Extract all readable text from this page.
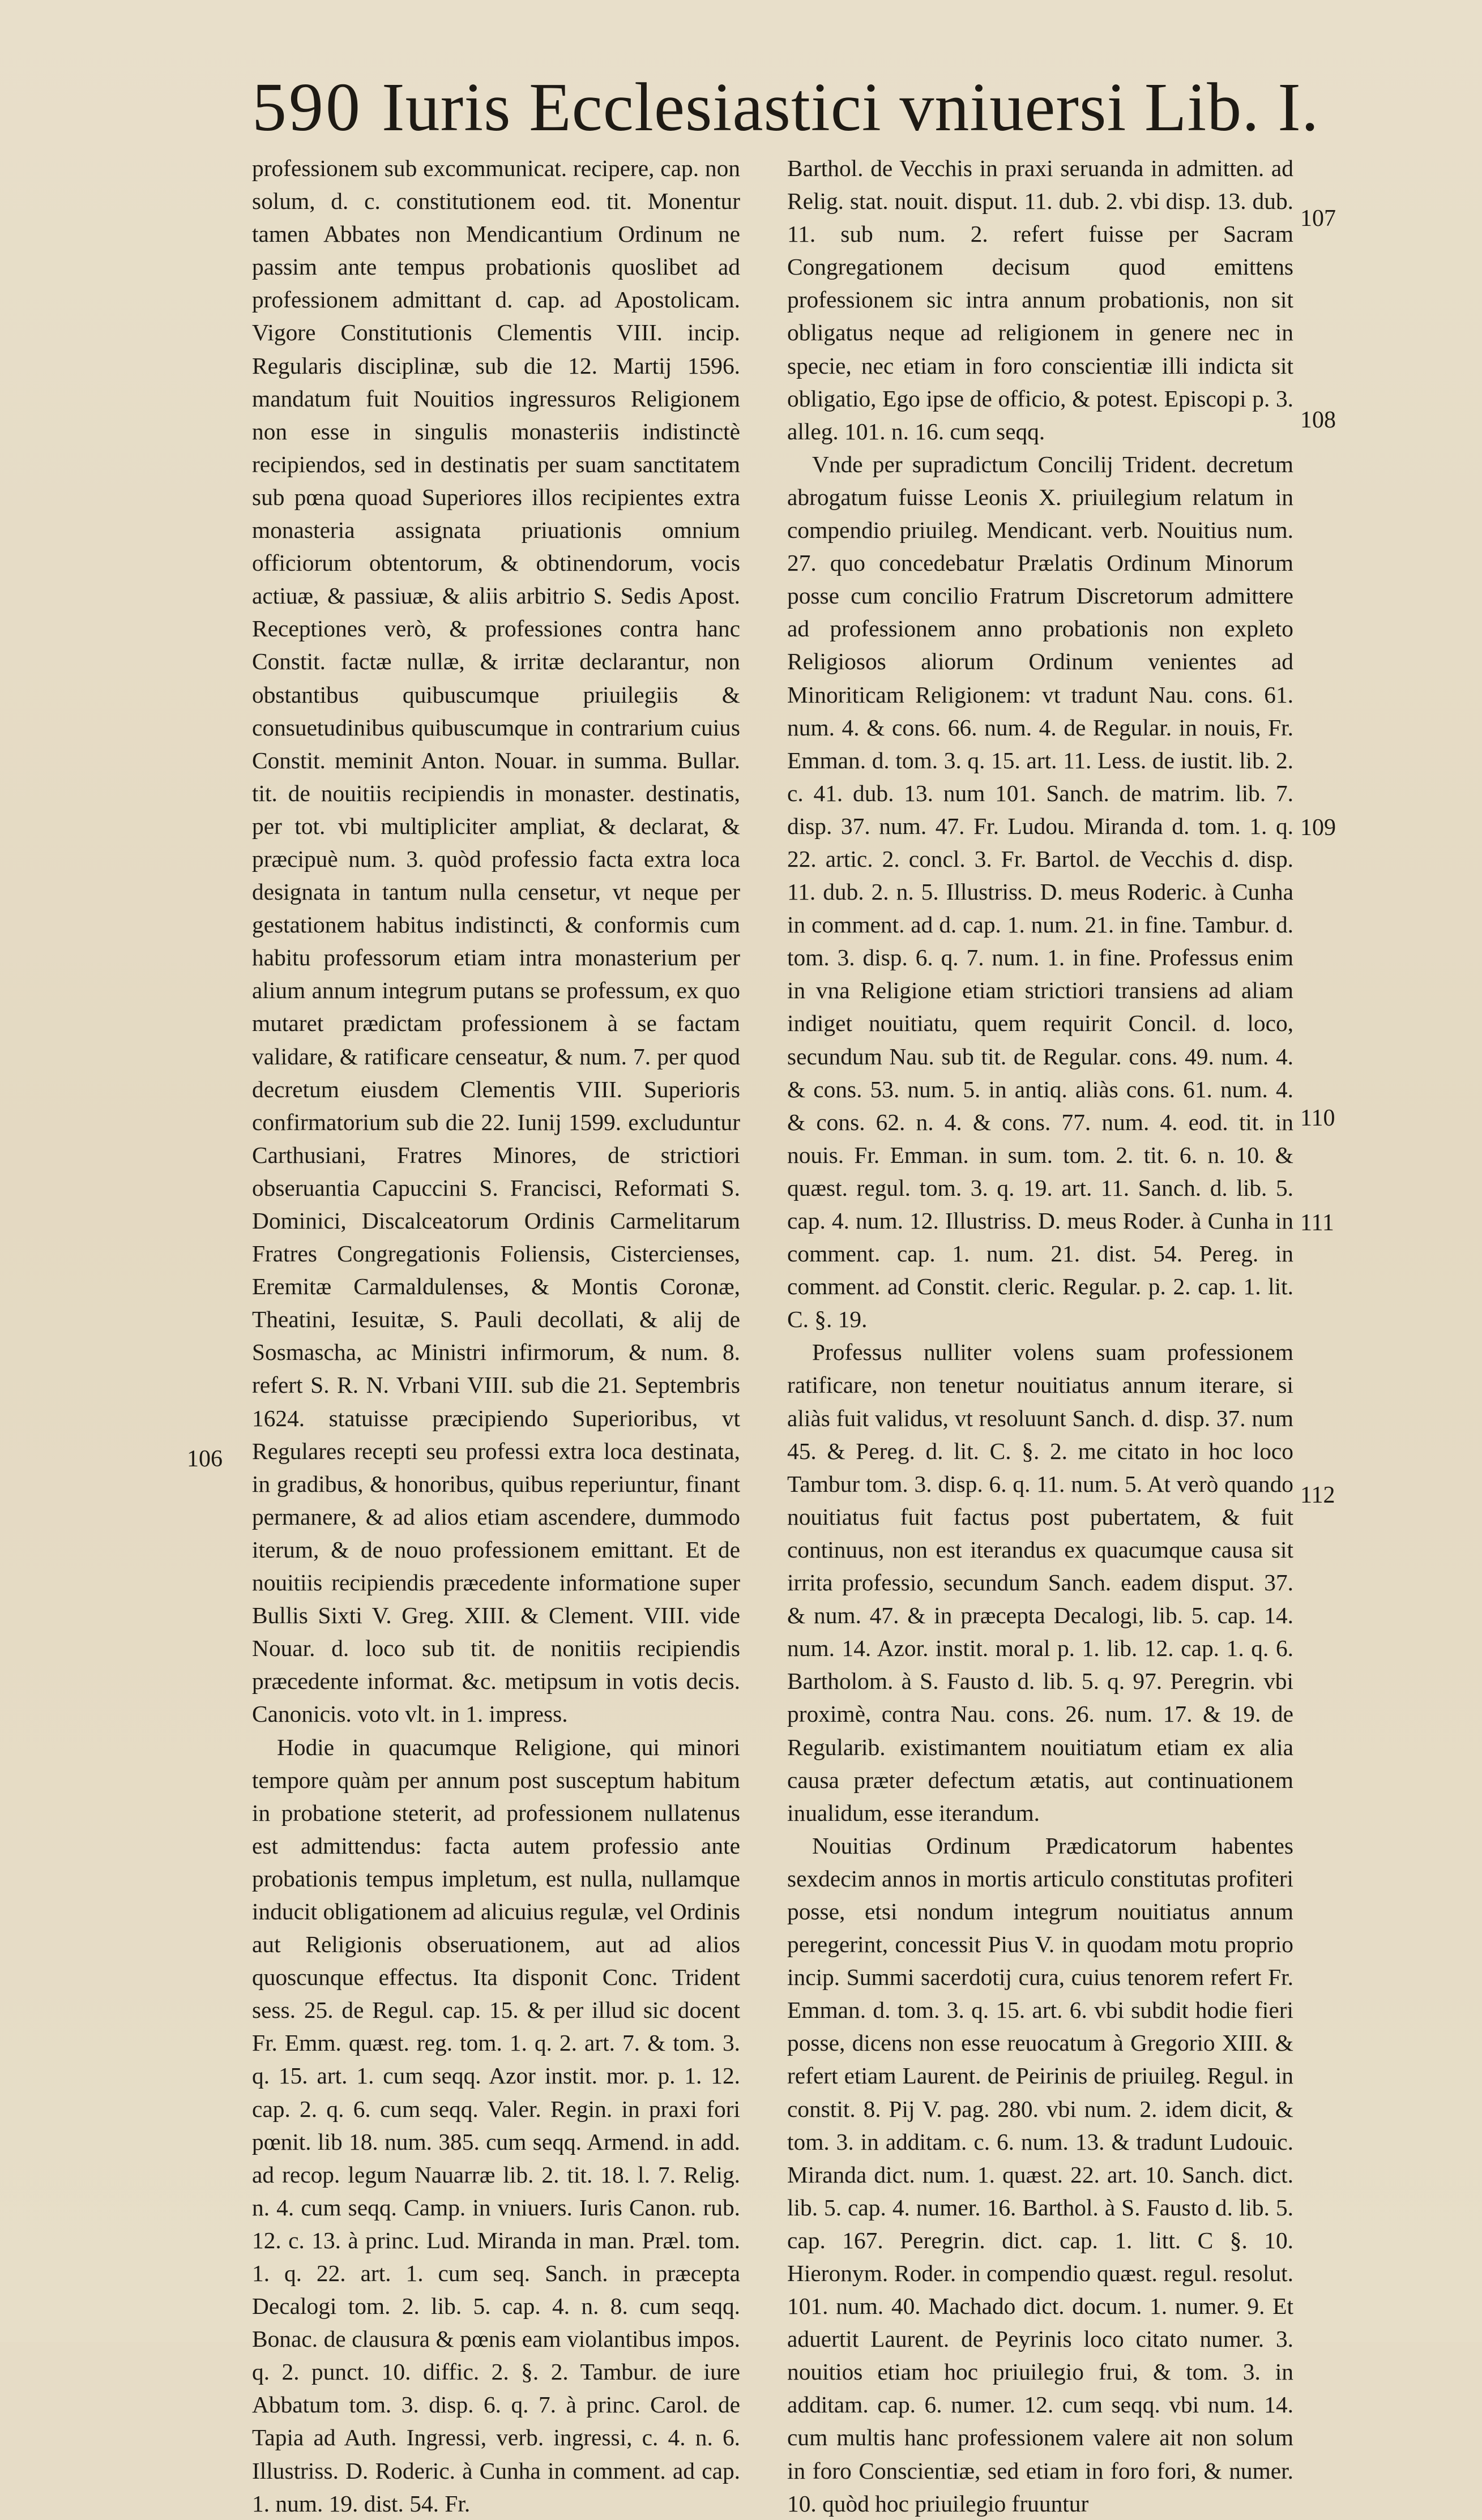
590 Iuris Ecclesiastici vniuersi Lib. I.

professionem sub excommunicat. recipere, cap. non solum, d. c. constitutionem eod. tit. Monentur tamen Abbates non Mendicantium Ordinum ne passim ante tempus probationis quoslibet ad professionem admittant d. cap. ad Apostolicam. Vigore Constitutionis Clementis VIII. incip. Regularis disciplinæ, sub die 12. Martij 1596. mandatum fuit Nouitios ingressuros Religionem non esse in singulis monasteriis indistinctè recipiendos, sed in destinatis per suam sanctitatem sub pœna quoad Superiores illos recipientes extra monasteria assignata priuationis omnium officiorum obtentorum, & obtinendorum, vocis actiuæ, & passiuæ, & aliis arbitrio S. Sedis Apost. Receptiones verò, & professiones contra hanc Constit. factæ nullæ, & irritæ declarantur, non obstantibus quibuscumque priuilegiis & consuetudinibus quibuscumque in contrarium cuius Constit. meminit Anton. Nouar. in summa. Bullar. tit. de nouitiis recipiendis in monaster. destinatis, per tot. vbi multipliciter ampliat, & declarat, & præcipuè num. 3. quòd professio facta extra loca designata in tantum nulla censetur, vt neque per gestationem habitus indistincti, & conformis cum habitu professorum etiam intra monasterium per alium annum integrum putans se professum, ex quo mutaret prædictam professionem à se factam validare, & ratificare censeatur, & num. 7. per quod decretum eiusdem Clementis VIII. Superioris confirmatorium sub die 22. Iunij 1599. excluduntur Carthusiani, Fratres Minores, de strictiori obseruantia Capuccini S. Francisci, Reformati S. Dominici, Discalceatorum Ordinis Carmelitarum Fratres Congregationis Foliensis, Cistercienses, Eremitæ Carmaldulenses, & Montis Coronæ, Theatini, Iesuitæ, S. Pauli decollati, & alij de Sosmascha, ac Ministri infirmorum, & num. 8. refert S. R. N. Vrbani VIII. sub die 21. Septembris 1624. statuisse præcipiendo Superioribus, vt Regulares recepti seu professi extra loca destinata, in gradibus, & honoribus, quibus reperiuntur, finant permanere, & ad alios etiam ascendere, dummodo iterum, & de nouo professionem emittant. Et de nouitiis recipiendis præcedente informatione super Bullis Sixti V. Greg. XIII. & Clement. VIII. vide Nouar. d. loco sub tit. de nonitiis recipiendis præcedente informat. &c. metipsum in votis decis. Canonicis. voto vlt. in 1. impress.

Hodie in quacumque Religione, qui minori tempore quàm per annum post susceptum habitum in probatione steterit, ad professionem nullatenus est admittendus: facta autem professio ante probationis tempus impletum, est nulla, nullamque inducit obligationem ad alicuius regulæ, vel Ordinis aut Religionis obseruationem, aut ad alios quoscunque effectus. Ita disponit Conc. Trident sess. 25. de Regul. cap. 15. & per illud sic docent Fr. Emm. quæst. reg. tom. 1. q. 2. art. 7. & tom. 3. q. 15. art. 1. cum seqq. Azor instit. mor. p. 1. 12. cap. 2. q. 6. cum seqq. Valer. Regin. in praxi fori pœnit. lib 18. num. 385. cum seqq. Armend. in add. ad recop. legum Nauarræ lib. 2. tit. 18. l. 7. Relig. n. 4. cum seqq. Camp. in vniuers. Iuris Canon. rub. 12. c. 13. à princ. Lud. Miranda in man. Præl. tom. 1. q. 22. art. 1. cum seq. Sanch. in præcepta Decalogi tom. 2. lib. 5. cap. 4. n. 8. cum seqq. Bonac. de clausura & pœnis eam violantibus impos. q. 2. punct. 10. diffic. 2. §. 2. Tambur. de iure Abbatum tom. 3. disp. 6. q. 7. à princ. Carol. de Tapia ad Auth. Ingressi, verb. ingressi, c. 4. n. 6. Illustriss. D. Roderic. à Cunha in comment. ad cap. 1. num. 19. dist. 54. Fr.

Barthol. de Vecchis in praxi seruanda in admitten. ad Relig. stat. nouit. disput. 11. dub. 2. vbi disp. 13. dub. 11. sub num. 2. refert fuisse per Sacram Congregationem decisum quod emittens professionem sic intra annum probationis, non sit obligatus neque ad religionem in genere nec in specie, nec etiam in foro conscientiæ illi indicta sit obligatio, Ego ipse de officio, & potest. Episcopi p. 3. alleg. 101. n. 16. cum seqq.

Vnde per supradictum Concilij Trident. decretum abrogatum fuisse Leonis X. priuilegium relatum in compendio priuileg. Mendicant. verb. Nouitius num. 27. quo concedebatur Prælatis Ordinum Minorum posse cum concilio Fratrum Discretorum admittere ad professionem anno probationis non expleto Religiosos aliorum Ordinum venientes ad Minoriticam Religionem: vt tradunt Nau. cons. 61. num. 4. & cons. 66. num. 4. de Regular. in nouis, Fr. Emman. d. tom. 3. q. 15. art. 11. Less. de iustit. lib. 2. c. 41. dub. 13. num 101. Sanch. de matrim. lib. 7. disp. 37. num. 47. Fr. Ludou. Miranda d. tom. 1. q. 22. artic. 2. concl. 3. Fr. Bartol. de Vecchis d. disp. 11. dub. 2. n. 5. Illustriss. D. meus Roderic. à Cunha in comment. ad d. cap. 1. num. 21. in fine. Tambur. d. tom. 3. disp. 6. q. 7. num. 1. in fine. Professus enim in vna Religione etiam strictiori transiens ad aliam indiget nouitiatu, quem requirit Concil. d. loco, secundum Nau. sub tit. de Regular. cons. 49. num. 4. & cons. 53. num. 5. in antiq. aliàs cons. 61. num. 4. & cons. 62. n. 4. & cons. 77. num. 4. eod. tit. in nouis. Fr. Emman. in sum. tom. 2. tit. 6. n. 10. & quæst. regul. tom. 3. q. 19. art. 11. Sanch. d. lib. 5. cap. 4. num. 12. Illustriss. D. meus Roder. à Cunha in comment. cap. 1. num. 21. dist. 54. Pereg. in comment. ad Constit. cleric. Regular. p. 2. cap. 1. lit. C. §. 19.

Professus nulliter volens suam professionem ratificare, non tenetur nouitiatus annum iterare, si aliàs fuit validus, vt resoluunt Sanch. d. disp. 37. num 45. & Pereg. d. lit. C. §. 2. me citato in hoc loco Tambur tom. 3. disp. 6. q. 11. num. 5. At verò quando nouitiatus fuit factus post pubertatem, & fuit continuus, non est iterandus ex quacumque causa sit irrita professio, secundum Sanch. eadem disput. 37. & num. 47. & in præcepta Decalogi, lib. 5. cap. 14. num. 14. Azor. instit. moral p. 1. lib. 12. cap. 1. q. 6. Bartholom. à S. Fausto d. lib. 5. q. 97. Peregrin. vbi proximè, contra Nau. cons. 26. num. 17. & 19. de Regularib. existimantem nouitiatum etiam ex alia causa præter defectum ætatis, aut continuationem inualidum, esse iterandum.

Nouitias Ordinum Prædicatorum habentes sexdecim annos in mortis articulo constitutas profiteri posse, etsi nondum integrum nouitiatus annum peregerint, concessit Pius V. in quodam motu proprio incip. Summi sacerdotij cura, cuius tenorem refert Fr. Emman. d. tom. 3. q. 15. art. 6. vbi subdit hodie fieri posse, dicens non esse reuocatum à Gregorio XIII. & refert etiam Laurent. de Peirinis de priuileg. Regul. in constit. 8. Pij V. pag. 280. vbi num. 2. idem dicit, & tom. 3. in additam. c. 6. num. 13. & tradunt Ludouic. Miranda dict. num. 1. quæst. 22. art. 10. Sanch. dict. lib. 5. cap. 4. numer. 16. Barthol. à S. Fausto d. lib. 5. cap. 167. Peregrin. dict. cap. 1. litt. C §. 10. Hieronym. Roder. in compendio quæst. regul. resolut. 101. num. 40. Machado dict. docum. 1. numer. 9. Et aduertit Laurent. de Peyrinis loco citato numer. 3. nouitios etiam hoc priuilegio frui, & tom. 3. in additam. cap. 6. numer. 12. cum seqq. vbi num. 14. cum multis hanc professionem valere ait non solum in foro Conscientiæ, sed etiam in foro fori, & numer. 10. quòd hoc priuilegio fruuntur

106
107
108
109
110
111
112
